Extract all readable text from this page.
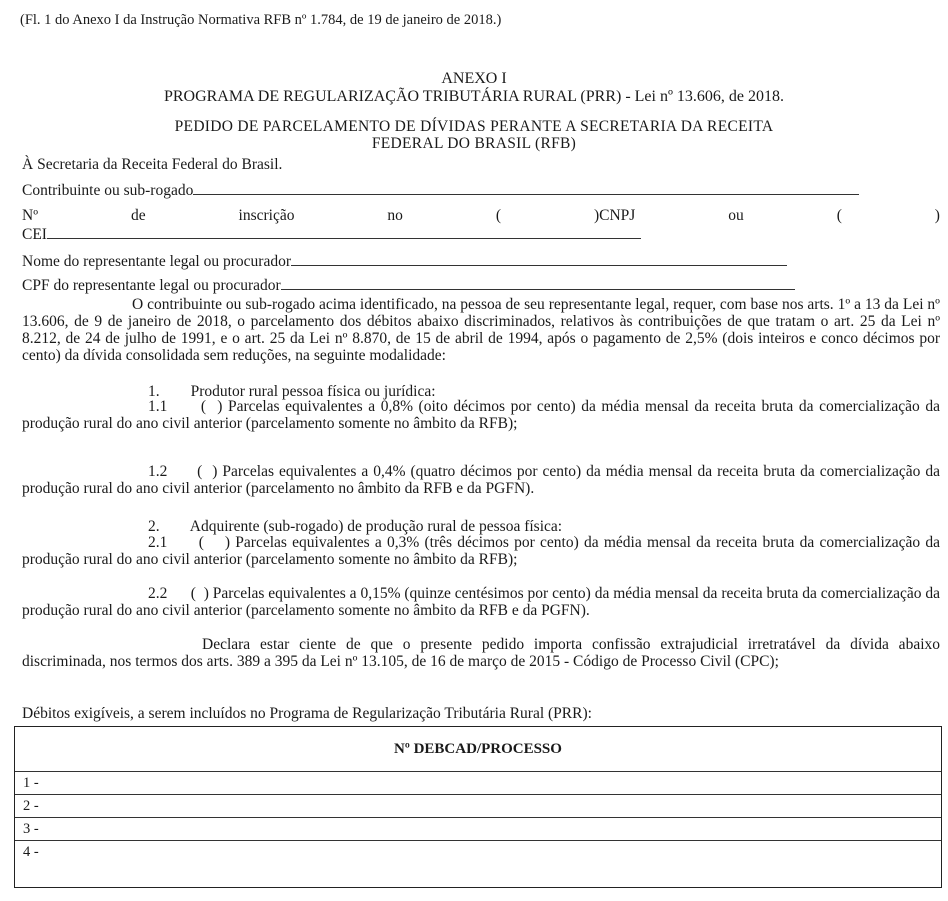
(Fl. 1 do Anexo I da Instrução Normativa RFB nº 1.784, de 19 de janeiro de 2018.)
ANEXO I
PROGRAMA DE REGULARIZAÇÃO TRIBUTÁRIA RURAL (PRR) - Lei nº 13.606, de 2018.
PEDIDO DE PARCELAMENTO DE DÍVIDAS PERANTE A SECRETARIA DA RECEITA
FEDERAL DO BRASIL (RFB)
À Secretaria da Receita Federal do Brasil.
Contribuinte ou sub-rogado
Nº	de	inscrição	no	(	)CNPJ	ou	(	)
CEI
Nome do representante legal ou procurador
CPF do representante legal ou procurador
O contribuinte ou sub-rogado acima identificado, na pessoa de seu representante legal, requer, com base nos arts. 1º a 13 da Lei nº 13.606, de 9 de janeiro de 2018, o parcelamento dos débitos abaixo discriminados, relativos às contribuições de que tratam o art. 25 da Lei nº 8.212, de 24 de julho de 1991, e o art. 25 da Lei nº 8.870, de 15 de abril de 1994, após o pagamento de 2,5% (dois inteiros e conco décimos por cento) da dívida consolidada sem reduções, na seguinte modalidade:
1.        Produtor rural pessoa física ou jurídica:
1.1      (  ) Parcelas equivalentes a 0,8% (oito décimos por cento) da média mensal da receita bruta da comercialização da produção rural do ano civil anterior (parcelamento somente no âmbito da RFB);
1.2      (  ) Parcelas equivalentes a 0,4% (quatro décimos por cento) da média mensal da receita bruta da comercialização da produção rural do ano civil anterior (parcelamento no âmbito da RFB e da PGFN).
2.        Adquirente (sub-rogado) de produção rural de pessoa física:
2.1      (    ) Parcelas equivalentes a 0,3% (três décimos por cento) da média mensal da receita bruta da comercialização da produção rural do ano civil anterior (parcelamento somente no âmbito da RFB);
2.2      (  ) Parcelas equivalentes a 0,15% (quinze centésimos por cento) da média mensal da receita bruta da comercialização da produção rural do ano civil anterior (parcelamento somente no âmbito da RFB e da PGFN).
Declara estar ciente de que o presente pedido importa confissão extrajudicial irretratável da dívida abaixo discriminada, nos termos dos arts. 389 a 395 da Lei nº 13.105, de 16 de março de 2015 - Código de Processo Civil (CPC);
Débitos exigíveis, a serem incluídos no Programa de Regularização Tributária Rural (PRR):
Nº DEBCAD/PROCESSO
1 -
2 -
3 -
4 -
